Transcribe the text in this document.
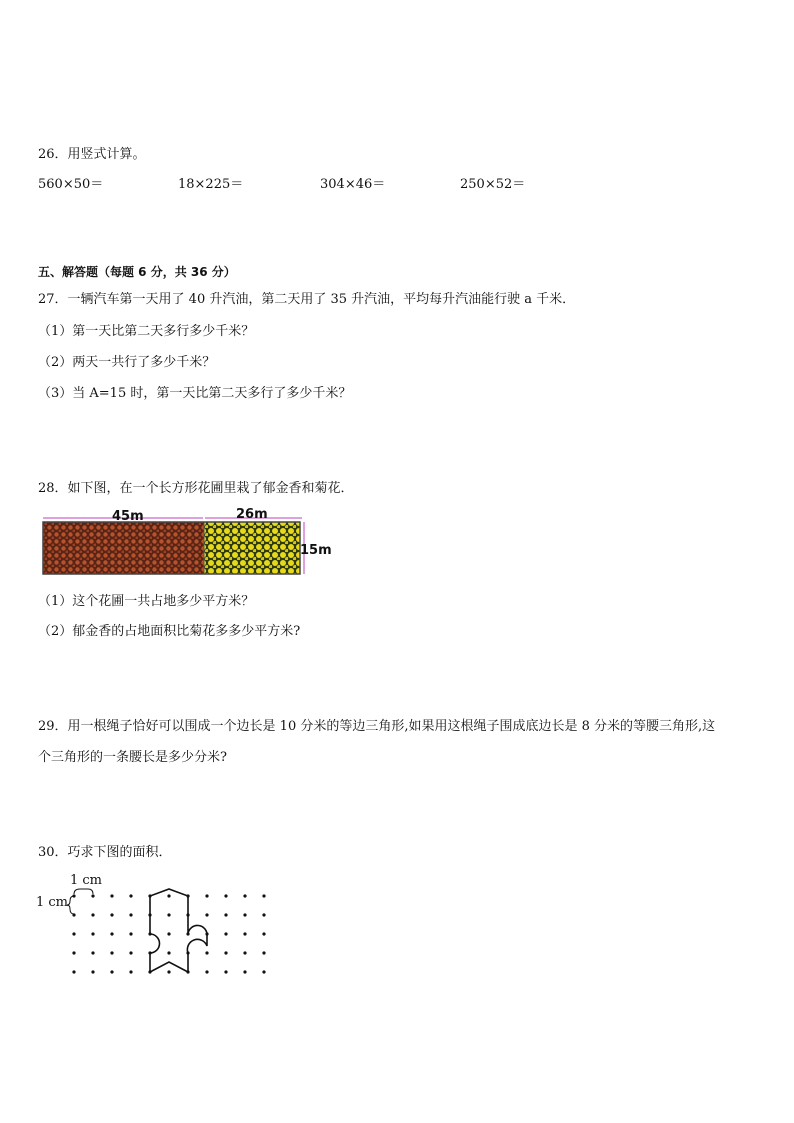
26．用竖式计算。
560×50＝	18×225＝	304×46＝	250×52＝
五、解答题（每题 6 分，共 36 分）
27．一辆汽车第一天用了 40 升汽油，第二天用了 35 升汽油，平均每升汽油能行驶 a 千米．
（1）第一天比第二天多行多少千米？
（2）两天一共行了多少千米？
（3）当 A=15 时，第一天比第二天多行了多少千米？
28．如下图，在一个长方形花圃里栽了郁金香和菊花．
45m	26m
15m
（1）这个花圃一共占地多少平方米？
（2）郁金香的占地面积比菊花多多少平方米?
29．用一根绳子恰好可以围成一个边长是 10 分米的等边三角形,如果用这根绳子围成底边长是 8 分米的等腰三角形,这
个三角形的一条腰长是多少分米?
30．巧求下图的面积．
1 cm
1 cm
